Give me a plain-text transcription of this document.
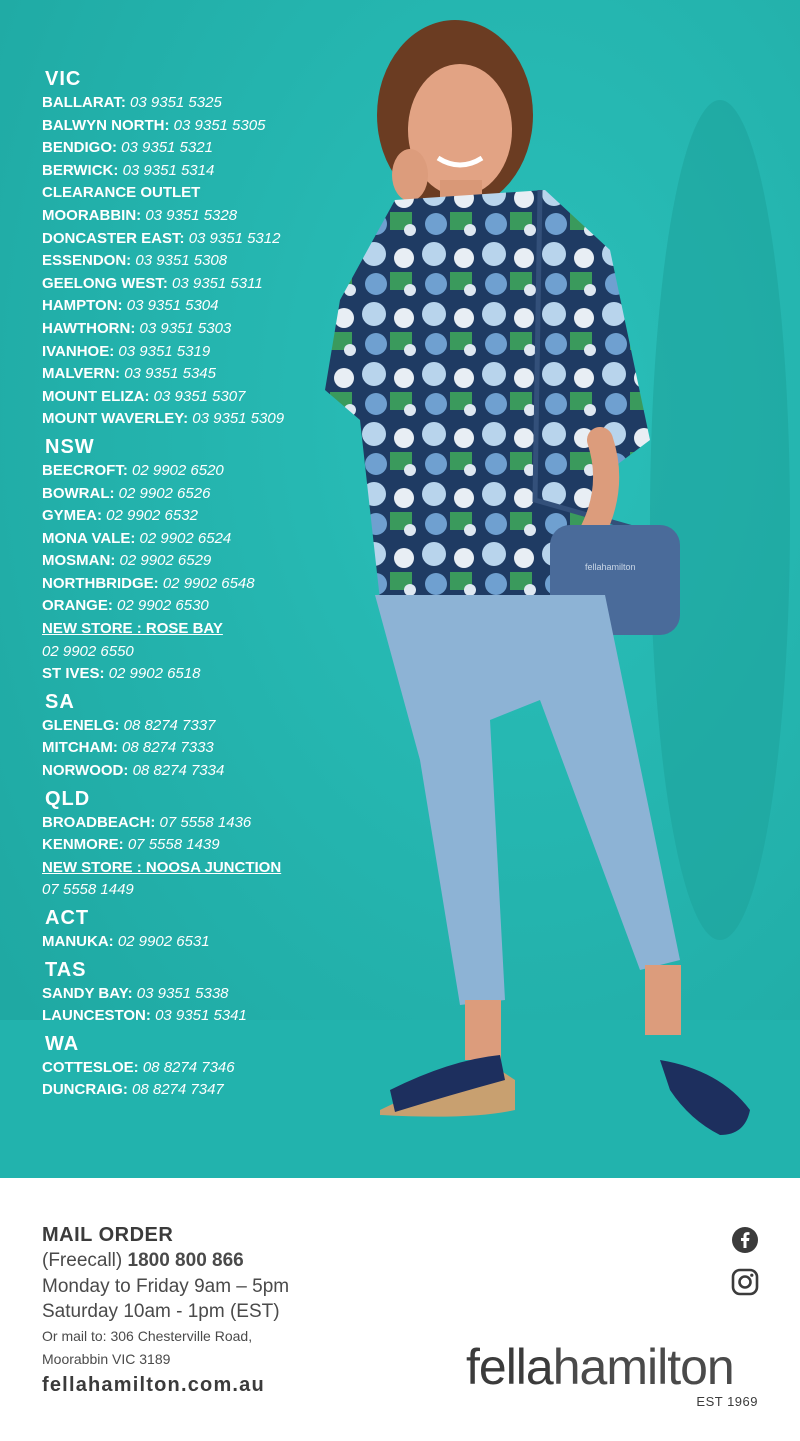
fellahamilton
VIC
BALLARAT: 03 9351 5325
BALWYN NORTH: 03 9351 5305
BENDIGO: 03 9351 5321
BERWICK: 03 9351 5314
CLEARANCE OUTLET
MOORABBIN: 03 9351 5328
DONCASTER EAST: 03 9351 5312
ESSENDON: 03 9351 5308
GEELONG WEST: 03 9351 5311
HAMPTON: 03 9351 5304
HAWTHORN: 03 9351 5303
IVANHOE: 03 9351 5319
MALVERN: 03 9351 5345
MOUNT ELIZA: 03 9351 5307
MOUNT WAVERLEY: 03 9351 5309
NSW
BEECROFT: 02 9902 6520
BOWRAL: 02 9902 6526
GYMEA: 02 9902 6532
MONA VALE: 02 9902 6524
MOSMAN: 02 9902 6529
NORTHBRIDGE: 02 9902 6548
ORANGE: 02 9902 6530
NEW STORE : ROSE BAY
02 9902 6550
ST IVES: 02 9902 6518
SA
GLENELG: 08 8274 7337
MITCHAM: 08 8274 7333
NORWOOD: 08 8274 7334
QLD
BROADBEACH: 07 5558 1436
KENMORE: 07 5558 1439
NEW STORE : NOOSA JUNCTION
07 5558 1449
ACT
MANUKA: 02 9902 6531
TAS
SANDY BAY: 03 9351 5338
LAUNCESTON: 03 9351 5341
WA
COTTESLOE: 08 8274 7346
DUNCRAIG: 08 8274 7347
MAIL ORDER
(Freecall) 1800 800 866
Monday to Friday 9am – 5pm
Saturday 10am - 1pm (EST)
Or mail to: 306 Chesterville Road,
Moorabbin VIC 3189
fellahamilton.com.au	fellahamilton
EST 1969
